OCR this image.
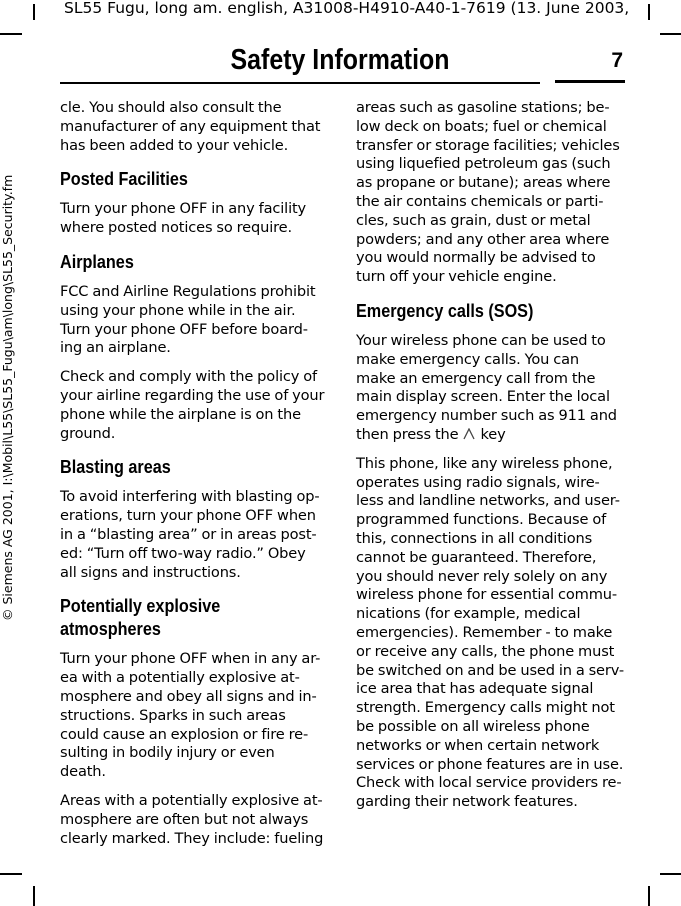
SL55 Fugu, long am. english, A31008-H4910-A40-1-7619 (13. June 2003,
© Siemens AG 2001, I:\Mobil\L55\SL55_Fugu\am\long\SL55_Security.fm
Safety Information	7

cle. You should also consult the
manufacturer of any equipment that
has been added to your vehicle.

Posted Facilities

Turn your phone OFF in any facility
where posted notices so require.

Airplanes

FCC and Airline Regulations prohibit
using your phone while in the air.
Turn your phone OFF before board-
ing an airplane.

Check and comply with the policy of
your airline regarding the use of your
phone while the airplane is on the
ground.

Blasting areas

To avoid interfering with blasting op-
erations, turn your phone OFF when
in a “blasting area” or in areas post-
ed: “Turn off two-way radio.” Obey
all signs and instructions.

Potentially explosive
atmospheres

Turn your phone OFF when in any ar-
ea with a potentially explosive at-
mosphere and obey all signs and in-
structions. Sparks in such areas
could cause an explosion or fire re-
sulting in bodily injury or even
death.

Areas with a potentially explosive at-
mosphere are often but not always
clearly marked. They include: fueling

areas such as gasoline stations; be-
low deck on boats; fuel or chemical
transfer or storage facilities; vehicles
using liquefied petroleum gas (such
as propane or butane); areas where
the air contains chemicals or parti-
cles, such as grain, dust or metal
powders; and any other area where
you would normally be advised to
turn off your vehicle engine.

Emergency calls (SOS)

Your wireless phone can be used to
make emergency calls. You can
make an emergency call from the
main display screen. Enter the local
emergency number such as 911 and
then press the key

This phone, like any wireless phone,
operates using radio signals, wire-
less and landline networks, and user-
programmed functions. Because of
this, connections in all conditions
cannot be guaranteed. Therefore,
you should never rely solely on any
wireless phone for essential commu-
nications (for example, medical
emergencies). Remember - to make
or receive any calls, the phone must
be switched on and be used in a serv-
ice area that has adequate signal
strength. Emergency calls might not
be possible on all wireless phone
networks or when certain network
services or phone features are in use.
Check with local service providers re-
garding their network features.
